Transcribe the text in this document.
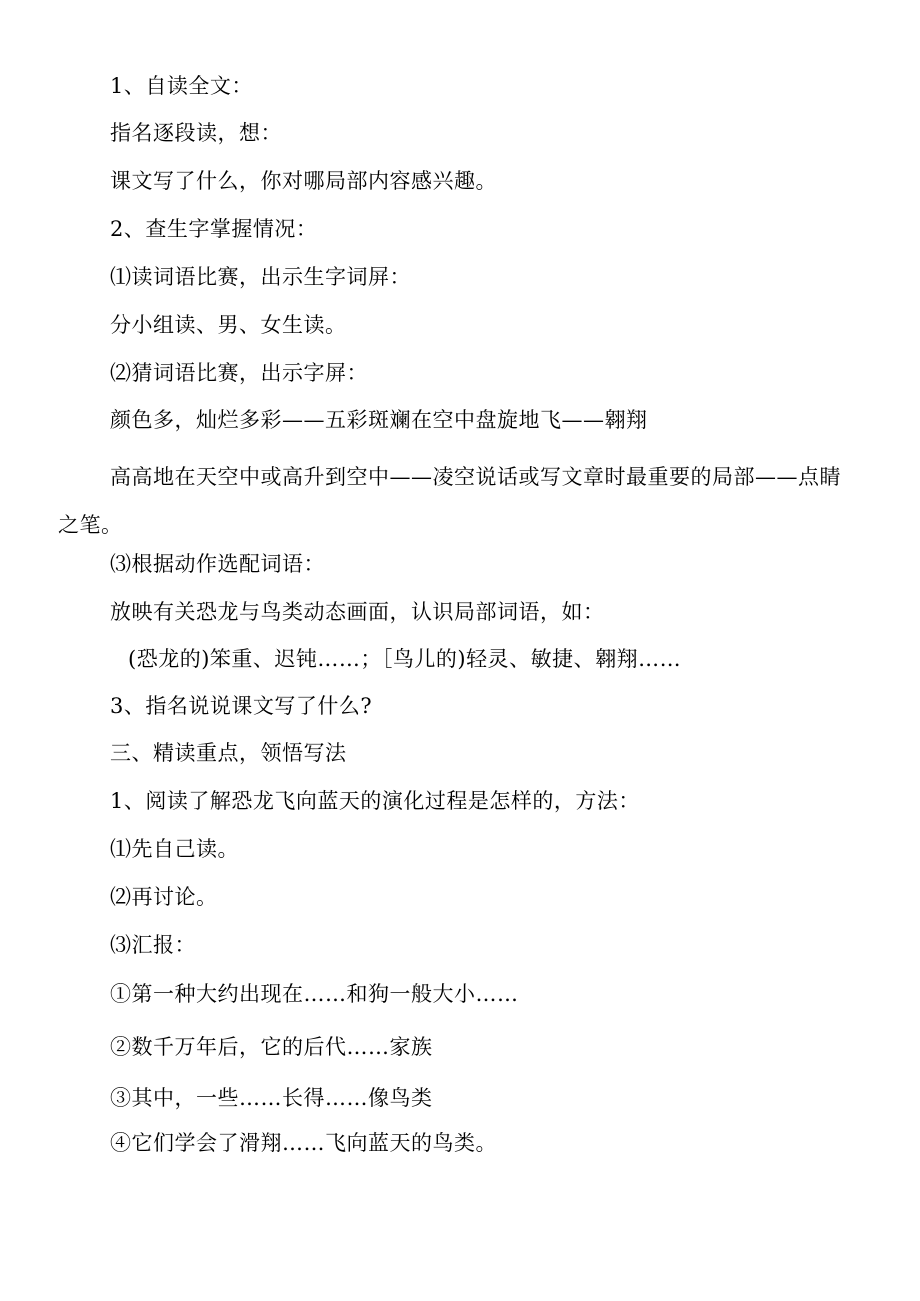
1、自读全文：
指名逐段读，想：
课文写了什么，你对哪局部内容感兴趣。
2、查生字掌握情况：
⑴读词语比赛，出示生字词屏：
分小组读、男、女生读。
⑵猜词语比赛，出示字屏：
颜色多，灿烂多彩——五彩斑斓在空中盘旋地飞——翱翔
高高地在天空中或高升到空中——凌空说话或写文章时最重要的局部——点睛之笔。
⑶根据动作选配词语：
放映有关恐龙与鸟类动态画面，认识局部词语，如：
(恐龙的)笨重、迟钝……；［鸟儿的)轻灵、敏捷、翱翔……
3、指名说说课文写了什么?
三、精读重点，领悟写法
1、阅读了解恐龙飞向蓝天的演化过程是怎样的，方法：
⑴先自己读。
⑵再讨论。
⑶汇报：
①第一种大约出现在……和狗一般大小……
②数千万年后，它的后代……家族
③其中，一些……长得……像鸟类
④它们学会了滑翔……飞向蓝天的鸟类。
